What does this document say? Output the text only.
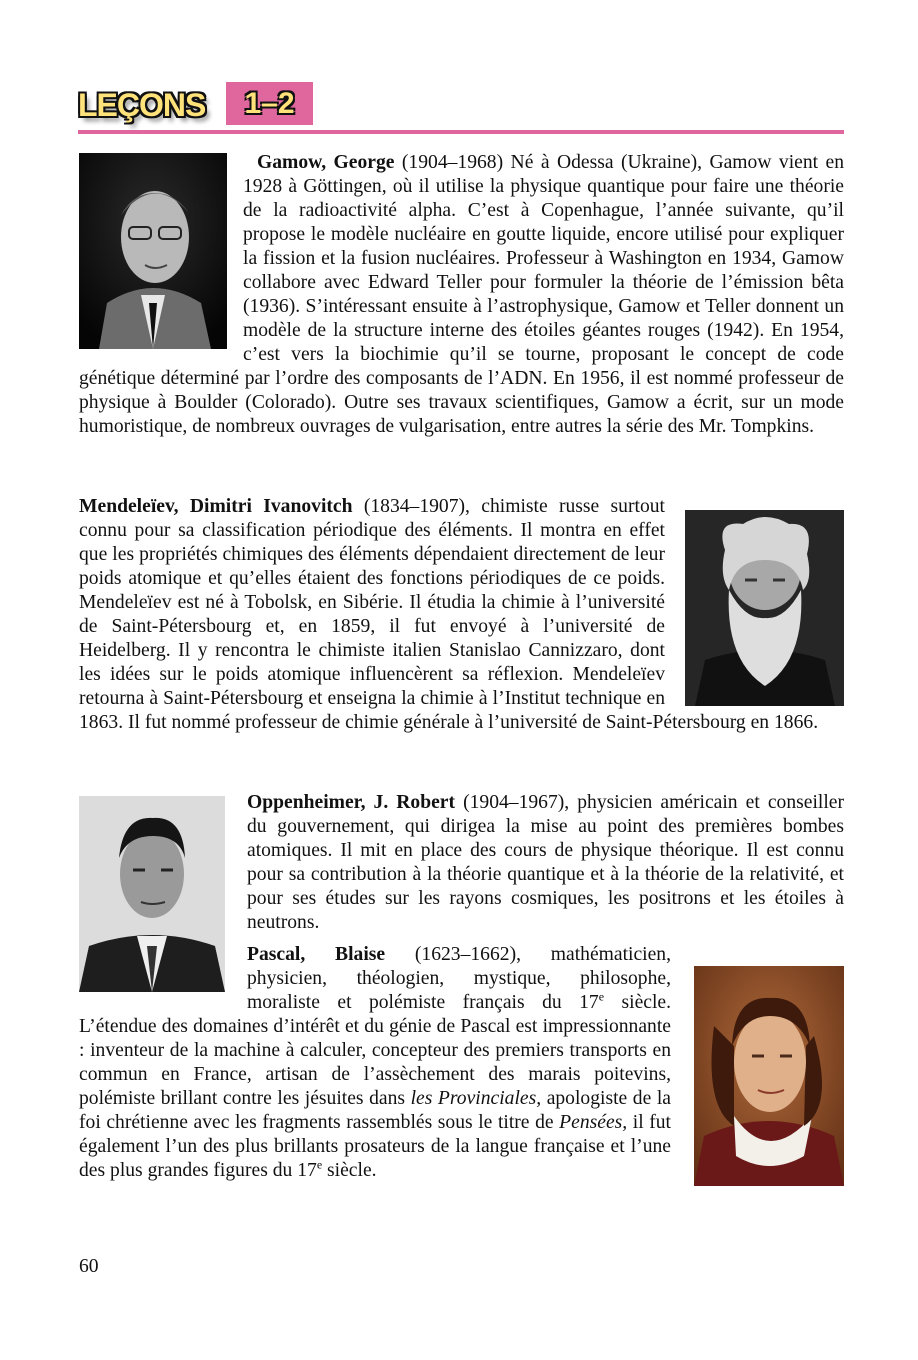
LEÇONS	1–2
Gamow, George (1904–1968) Né à Odessa (Ukraine), Gamow vient en 1928 à Göttingen, où il utilise la physique quantique pour faire une théorie de la radioactivité alpha. C’est à Copenhague, l’année suivante, qu’il propose le modèle nucléaire en goutte liquide, encore utilisé pour expliquer la fission et la fusion nucléaires. Professeur à Washington en 1934, Gamow collabore avec Edward Teller pour formuler la théorie de l’émission bêta (1936). S’intéressant ensuite à l’astrophysique, Gamow et Teller donnent un modèle de la structure interne des étoiles géantes rouges (1942). En 1954, c’est vers la biochimie qu’il se tourne, proposant le concept de code génétique déterminé par l’ordre des composants de l’ADN. En 1956, il est nommé professeur de physique à Boulder (Colorado). Outre ses travaux scientifiques, Gamow a écrit, sur un mode humoristique, de nombreux ouvrages de vulgarisation, entre autres la série des Mr. Tompkins.
Mendeleïev, Dimitri Ivanovitch (1834–1907), chimiste russe surtout connu pour sa classification périodique des éléments. Il montra en effet que les propriétés chimiques des éléments dépendaient directement de leur poids atomique et qu’elles étaient des fonctions périodiques de ce poids. Mendeleïev est né à Tobolsk, en Sibérie. Il étudia la chimie à l’université de Saint-Pétersbourg et, en 1859, il fut envoyé à l’université de Heidelberg. Il y rencontra le chimiste italien Stanislao Cannizzaro, dont les idées sur le poids atomique influencèrent sa réflexion. Mendeleïev retourna à Saint-Pétersbourg et enseigna la chimie à l’Institut technique en 1863. Il fut nommé professeur de chimie générale à l’université de Saint-Pétersbourg en 1866.
Oppenheimer, J. Robert (1904–1967), physicien américain et conseiller du gouvernement, qui dirigea la mise au point des premières bombes atomiques. Il mit en place des cours de physique théorique. Il est connu pour sa contribution à la théorie quantique et à la théorie de la relativité, et pour ses études sur les rayons cosmiques, les positrons et les étoiles à neutrons.
Pascal, Blaise (1623–1662), mathématicien, physicien, théologien, mystique, philosophe, moraliste et polémiste français du 17e siècle. L’étendue des domaines d’intérêt et du génie de Pascal est impressionnante : inventeur de la machine à calculer, concepteur des premiers transports en commun en France, artisan de l’assèchement des marais poitevins, polémiste brillant contre les jésuites dans les Provinciales, apologiste de la foi chrétienne avec les fragments rassemblés sous le titre de Pensées, il fut également l’un des plus brillants prosateurs de la langue française et l’une des plus grandes figures du 17e siècle.
60
